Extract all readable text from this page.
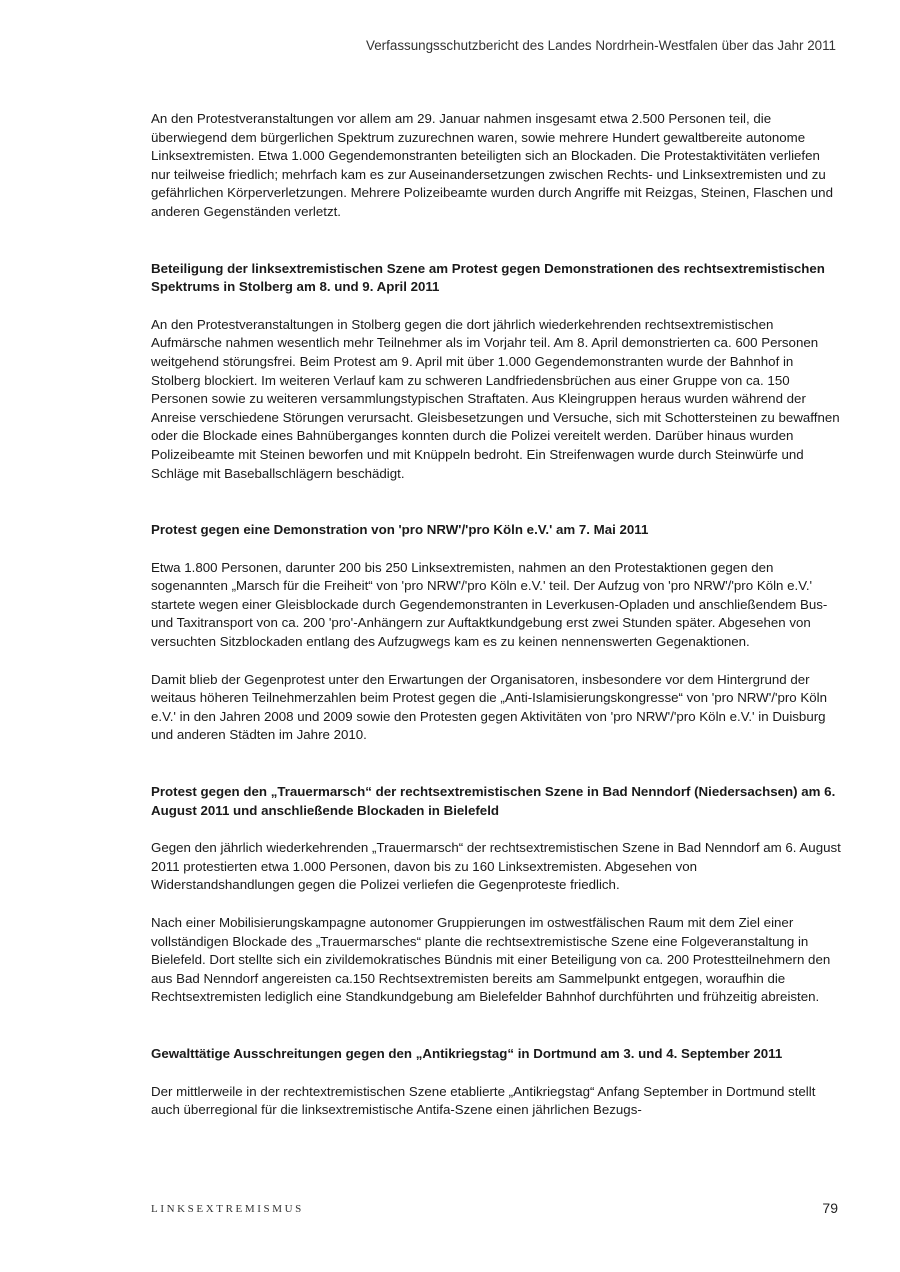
Verfassungsschutzbericht des Landes Nordrhein-Westfalen über das Jahr 2011

An den Protestveranstaltungen vor allem am 29. Januar nahmen insgesamt etwa 2.500 Personen teil, die überwiegend dem bürgerlichen Spektrum zuzurechnen waren, sowie mehrere Hundert gewaltbereite autonome Linksextremisten. Etwa 1.000 Gegendemonstranten beteiligten sich an Blockaden. Die Protestaktivitäten verliefen nur teilweise friedlich; mehrfach kam es zur Auseinandersetzungen zwischen Rechts- und Linksextremisten und zu gefährlichen Körperverletzungen. Mehrere Polizeibeamte wurden durch Angriffe mit Reizgas, Steinen, Flaschen und anderen Gegenständen verletzt.

Beteiligung der linksextremistischen Szene am Protest gegen Demonstrationen des rechtsextremistischen Spektrums in Stolberg am 8. und 9. April 2011

An den Protestveranstaltungen in Stolberg gegen die dort jährlich wiederkehrenden rechtsextremistischen Aufmärsche nahmen wesentlich mehr Teilnehmer als im Vorjahr teil. Am 8. April demonstrierten ca. 600 Personen weitgehend störungsfrei. Beim Protest am 9. April mit über 1.000 Gegendemonstranten wurde der Bahnhof in Stolberg blockiert. Im weiteren Verlauf kam zu schweren Landfriedensbrüchen aus einer Gruppe von ca. 150 Personen sowie zu weiteren versammlungstypischen Straftaten. Aus Kleingruppen heraus wurden während der Anreise verschiedene Störungen verursacht. Gleisbesetzungen und Versuche, sich mit Schottersteinen zu bewaffnen oder die Blockade eines Bahnüberganges konnten durch die Polizei vereitelt werden. Darüber hinaus wurden Polizeibeamte mit Steinen beworfen und mit Knüppeln bedroht. Ein Streifenwagen wurde durch Steinwürfe und Schläge mit Baseballschlägern beschädigt.

Protest gegen eine Demonstration von 'pro NRW'/'pro Köln e.V.' am 7. Mai 2011

Etwa 1.800 Personen, darunter 200 bis 250 Linksextremisten, nahmen an den Protestaktionen gegen den sogenannten „Marsch für die Freiheit“ von 'pro NRW'/'pro Köln e.V.' teil. Der Aufzug von 'pro NRW'/'pro Köln e.V.' startete wegen einer Gleisblockade durch Gegendemonstranten in Leverkusen-Opladen und anschließendem Bus- und Taxitransport von ca. 200 'pro'-Anhängern zur Auftaktkundgebung erst zwei Stunden später. Abgesehen von versuchten Sitzblockaden entlang des Aufzugwegs kam es zu keinen nennenswerten Gegenaktionen.

Damit blieb der Gegenprotest unter den Erwartungen der Organisatoren, insbesondere vor dem Hintergrund der weitaus höheren Teilnehmerzahlen beim Protest gegen die „Anti-Islamisierungskongresse“ von 'pro NRW'/'pro Köln e.V.' in den Jahren 2008 und 2009 sowie den Protesten gegen Aktivitäten von 'pro NRW'/'pro Köln e.V.' in Duisburg und anderen Städten im Jahre 2010.

Protest gegen den „Trauermarsch“ der rechtsextremistischen Szene in Bad Nenndorf (Niedersachsen) am 6. August 2011 und anschließende Blockaden in Bielefeld

Gegen den jährlich wiederkehrenden „Trauermarsch“ der rechtsextremistischen Szene in Bad Nenndorf am 6. August 2011 protestierten etwa 1.000 Personen, davon bis zu 160 Linksextremisten. Abgesehen von Widerstandshandlungen gegen die Polizei verliefen die Gegenproteste friedlich.

Nach einer Mobilisierungskampagne autonomer Gruppierungen im ostwestfälischen Raum mit dem Ziel einer vollständigen Blockade des „Trauermarsches“ plante die rechtsextremistische Szene eine Folgeveranstaltung in Bielefeld. Dort stellte sich ein zivildemokratisches Bündnis mit einer Beteiligung von ca. 200 Protestteilnehmern den aus Bad Nenndorf angereisten ca.150 Rechtsextremisten bereits am Sammelpunkt entgegen, woraufhin die Rechtsextremisten lediglich eine Standkundgebung am Bielefelder Bahnhof durchführten und frühzeitig abreisten.

Gewalttätige Ausschreitungen gegen den „Antikriegstag“ in Dortmund am 3. und 4. September 2011

Der mittlerweile in der rechtextremistischen Szene etablierte „Antikriegstag“ Anfang September in Dortmund stellt auch überregional für die linksextremistische Antifa-Szene einen jährlichen Bezugs-

LINKSEXTREMISMUS	79
